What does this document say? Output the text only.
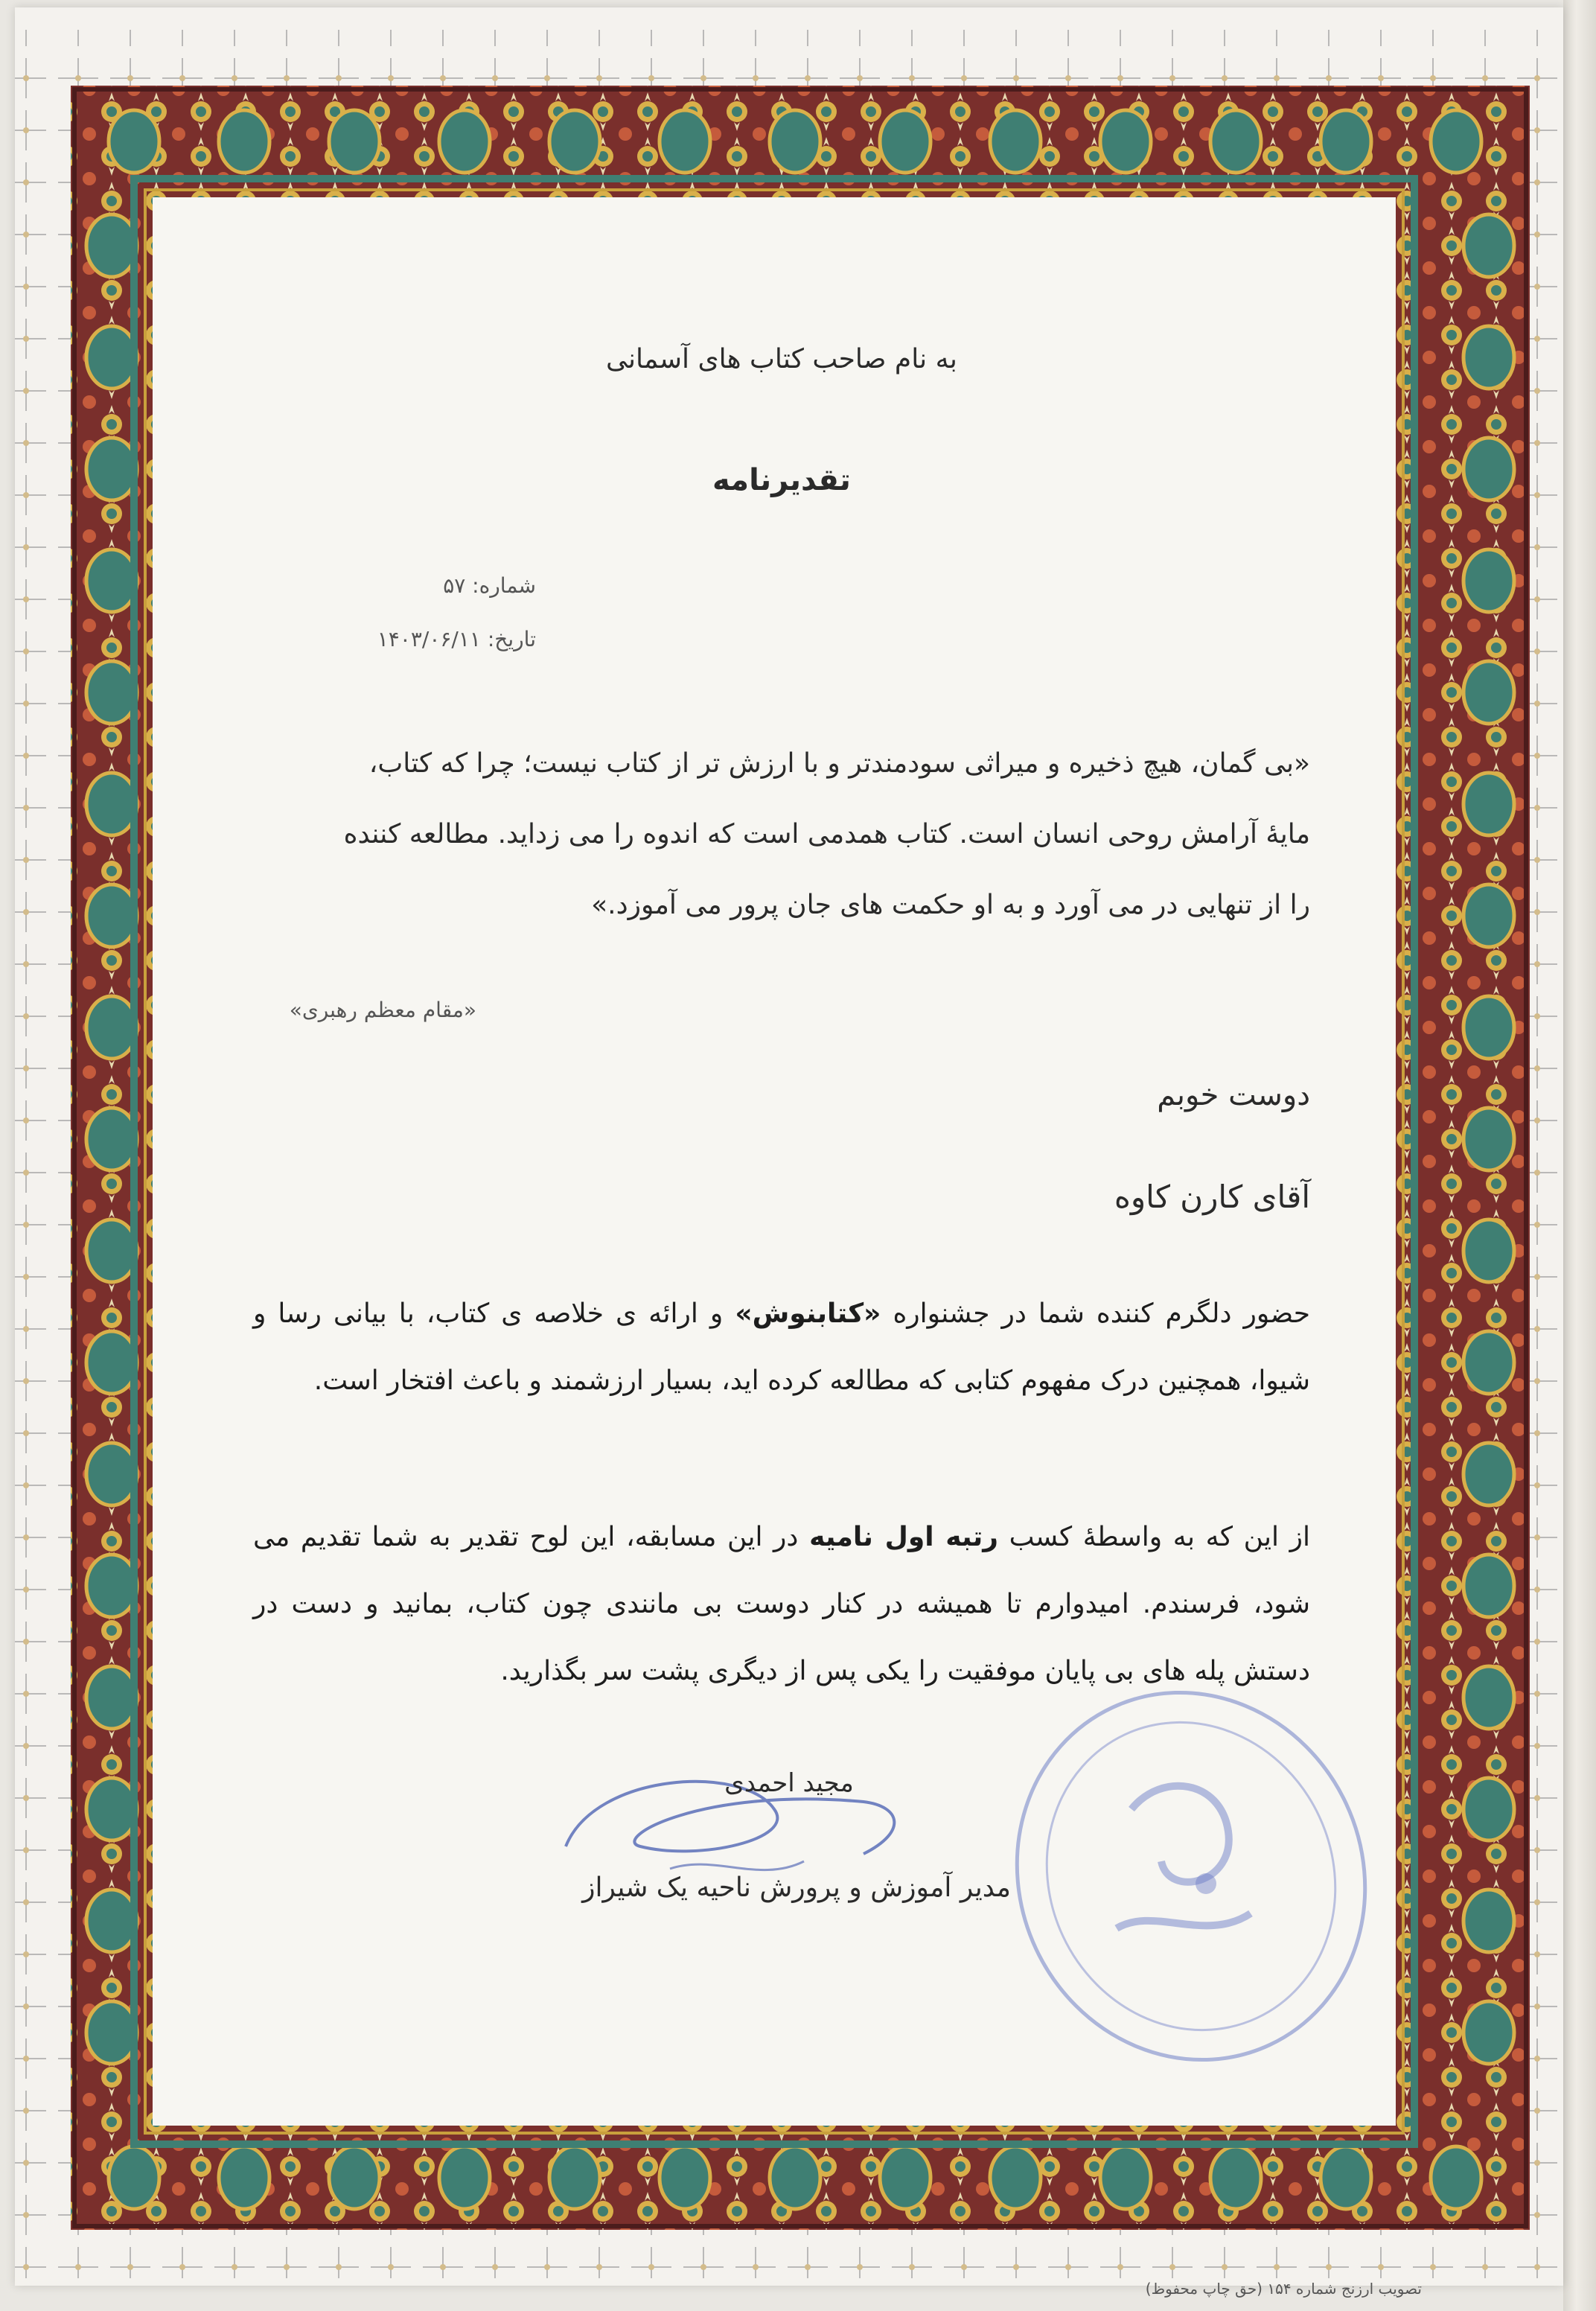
به نام صاحب کتاب های آسمانی
تقدیرنامه
شماره: ۵۷
تاریخ: ۱۴۰۳/۰۶/۱۱
«بی گمان، هیچ ذخیره و میراثی سودمندتر و با ارزش تر از کتاب نیست؛ چرا که کتاب،
مایهٔ آرامش روحی انسان است. کتاب همدمی است که اندوه را می زداید. مطالعه کننده
را از تنهایی در می آورد و به او حکمت های جان پرور می آموزد.»
«مقام معظم رهبری»
دوست خوبم
آقای کارن کاوه
حضور دلگرم کننده شما در جشنواره «کتابنوش» و ارائه ی خلاصه ی کتاب، با بیانی رسا و شیوا، همچنین درک مفهوم کتابی که مطالعه کرده اید، بسیار ارزشمند و باعث افتخار است.
از این که به واسطهٔ کسب رتبه اول نامیه در این مسابقه، این لوح تقدیر به شما تقدیم می شود، فرسندم. امیدوارم تا همیشه در کنار دوست بی مانندی چون کتاب، بمانید و دست در دستش پله های بی پایان موفقیت را یکی پس از دیگری پشت سر بگذارید.
مجید احمدی
مدیر آموزش و پرورش ناحیه یک شیراز
تصویب ارزنج شماره ۱۵۴ (حق چاپ محفوظ)
